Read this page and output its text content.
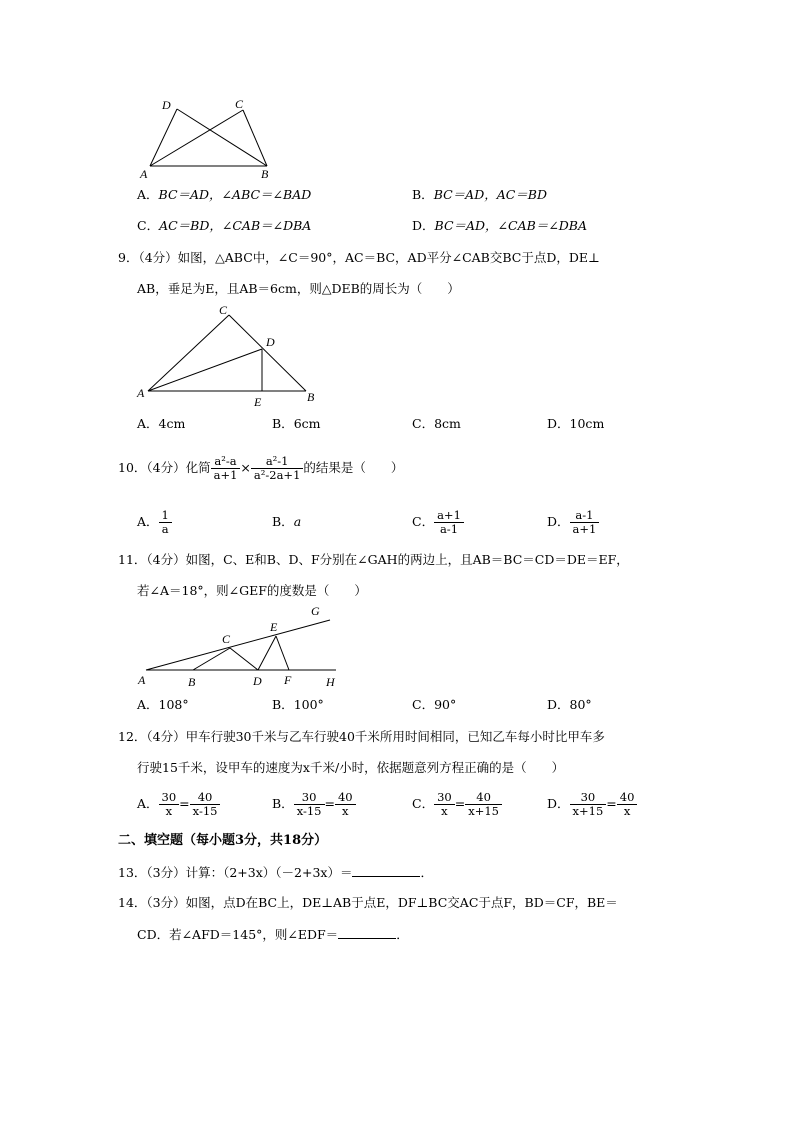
D	C
A	B
A．BC＝AD，∠ABC＝∠BAD	B．BC＝AD，AC＝BD
C．AC＝BD，∠CAB＝∠DBA	D．BC＝AD，∠CAB＝∠DBA
9．（4分）如图，△ABC中，∠C＝90°，AC＝BC，AD平分∠CAB交BC于点D，DE⊥
AB，垂足为E，且AB＝6cm，则△DEB的周长为（　　）
C
D
A
E	B
A．4cm	B．6cm	C．8cm	D．10cm
10．（4分）化简 $\frac{\text{a²-a}}{a+1} \times \frac{\text{a²-1}}{\text{a²-2a+1}}$ 的结果是（　　）
A． $\frac{1}{a}$	B．a	C． $\frac{a+1}{a-1}$	D． $\frac{a-1}{a+1}$
11．（4分）如图，C、E和B、D、F分别在∠GAH的两边上，且AB＝BC＝CD＝DE＝EF，
若∠A＝18°，则∠GEF的度数是（　　）
G
E
C
A	B	D F	H
A．108°	B．100°	C．90°	D．80°
12．（4分）甲车行驶30千米与乙车行驶40千米所用时间相同，已知乙车每小时比甲车多
行驶15千米，设甲车的速度为x千米/小时，依据题意列方程正确的是（　　）
A． $\frac{30}{x} = \frac{40}{x-15}$	B． $\frac{30}{x-15} = \frac{40}{x}$	C． $\frac{30}{x} = \frac{40}{x+15}$	D． $\frac{30}{x+15} = \frac{40}{x}$
二、填空题（每小题3分，共18分）
13．（3分）计算：（2+3x）（－2+3x）＝	．
14．（3分）如图，点D在BC上，DE⊥AB于点E，DF⊥BC交AC于点F，BD＝CF，BE＝
CD．若∠AFD＝145°，则∠EDF＝	．
